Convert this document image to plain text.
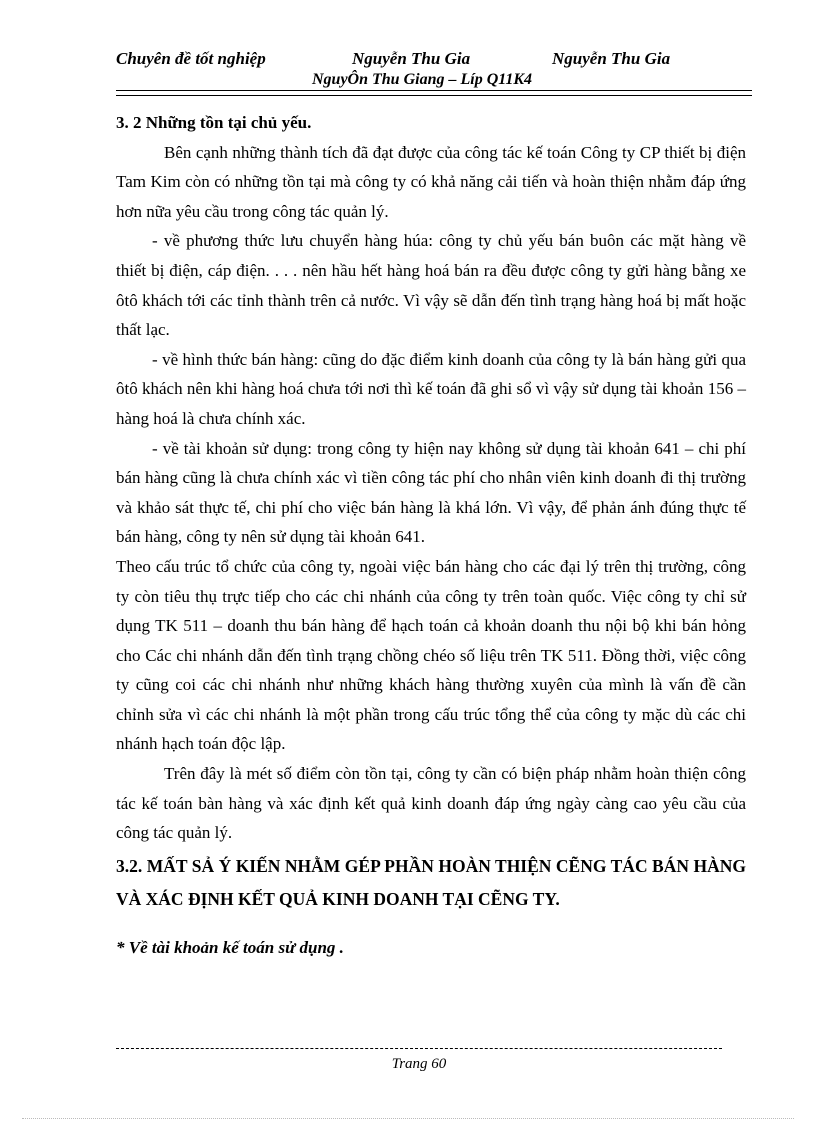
Chuyên đề tốt nghiệp	Nguyễn Thu Gia	Nguyễn Thu Gia
NguyÔn Thu Giang – Líp Q11K4

3. 2 Những tồn tại chủ yếu.

Bên cạnh những thành tích đã đạt được của công tác kế toán Công ty CP thiết bị điện Tam Kim còn có những tồn tại mà công ty có khả năng cải tiến và hoàn thiện nhằm đáp ứng hơn nữa yêu cầu trong công tác quản lý.

- về phương thức lưu chuyển hàng húa: công ty chủ yếu bán buôn các mặt hàng về thiết bị điện, cáp điện. . . . nên hầu hết hàng hoá bán ra đều được công ty gửi hàng bằng xe ôtô khách tới các tỉnh thành trên cả nước. Vì vậy sẽ dẫn đến tình trạng hàng hoá bị mất hoặc thất lạc.

- về hình thức bán hàng: cũng do đặc điểm kinh doanh của công ty là bán hàng gửi qua ôtô khách nên khi hàng hoá chưa tới nơi thì kế toán đã ghi sổ vì vậy sử dụng tài khoản 156 – hàng hoá là chưa chính xác.

- về tài khoản sử dụng: trong công ty hiện nay không sử dụng tài khoản 641 – chi phí bán hàng cũng là chưa chính xác vì tiền công tác phí cho nhân viên kinh doanh đi thị trường và khảo sát thực tế, chi phí cho việc bán hàng là khá lớn. Vì vậy, để phản ánh đúng thực tế bán hàng, công ty nên sử dụng tài khoản 641.

Theo cấu trúc tổ chức của công ty, ngoài việc bán hàng cho các đại lý trên thị trường, công ty còn tiêu thụ trực tiếp cho các chi nhánh của công ty trên toàn quốc. Việc công ty chỉ sử dụng TK 511 – doanh thu bán hàng để hạch toán cả khoản doanh thu nội bộ khi bán hỏng cho Các chi nhánh dẫn đến tình trạng chồng chéo số liệu trên TK 511. Đồng thời, việc công ty cũng coi các chi nhánh như những khách hàng thường xuyên của mình là vấn đề cần chỉnh sửa vì các chi nhánh là một phần trong cấu trúc tổng thể của công ty mặc dù các chi nhánh hạch toán độc lập.

Trên đây là mét số điểm còn tồn tại, công ty cần có biện pháp nhằm hoàn thiện công tác kế toán bàn hàng và xác định kết quả kinh doanh đáp ứng ngày càng cao yêu cầu của công tác quản lý.

3.2. MẤT SẢ Ý KIẾN NHẰM GÉP PHẦN HOÀN THIỆN CẼNG TÁC BÁN HÀNG VÀ XÁC ĐỊNH KẾT QUẢ KINH DOANH TẠI CẼNG TY.

* Về tài khoản kế toán sử dụng .

Trang 60
